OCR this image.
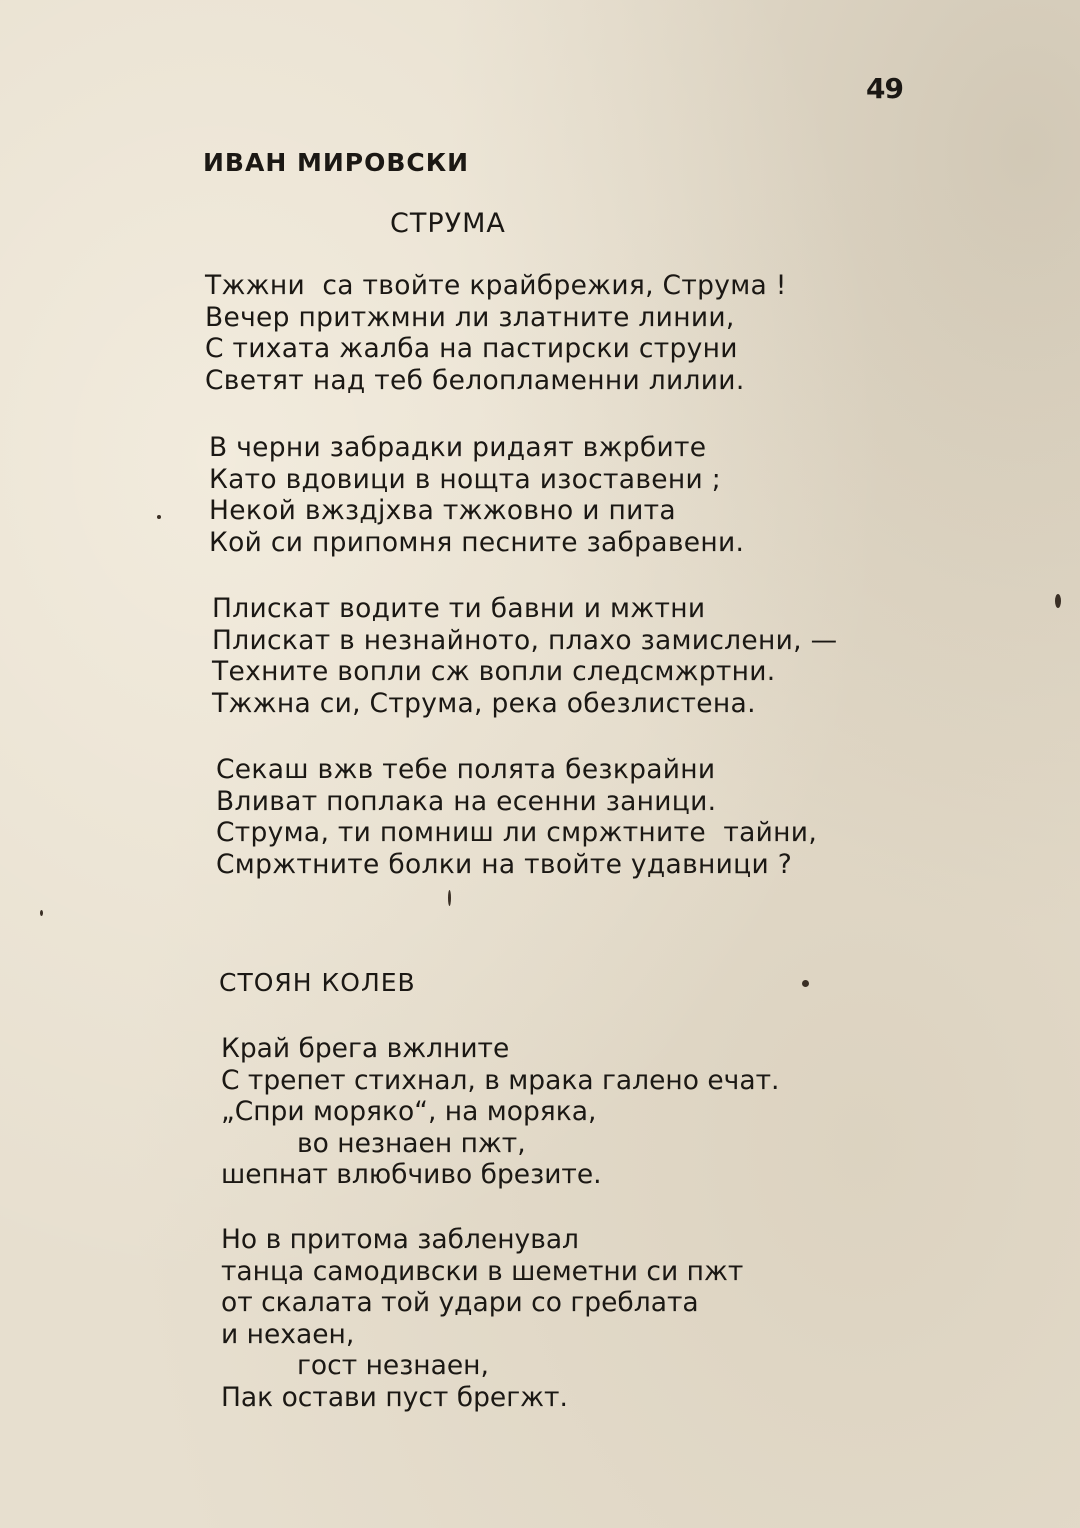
49
ИВАН МИРОВСКИ
СТРУМА
Тжжни  са твойте крайбрежия, Струма !
Вечер притжмни ли златните линии,
С тихата жалба на пастирски струни
Светят над теб белопламенни лилии.
В черни забрадки ридаят вжрбите
Като вдовици в нощта изоставени ;
Некой вжздjхва тжжовно и пита
Кой си припомня песните забравени.
Плискат водите ти бавни и мжтни
Плискат в незнайното, плахо замислени, —
Техните вопли сж вопли следсмжртни.
Тжжна си, Струма, река обезлистена.
Секаш вжв тебе полята безкрайни
Вливат поплака на есенни заници.
Струма, ти помниш ли смржтните  тайни,
Смржтните болки на твойте удавници ?
СТОЯН КОЛЕВ
Край брега вжлните
С трепет стихнал, в мрака галено ечат.
„Спри моряко“, на моряка,
во незнаен пжт,
шепнат влюбчиво брезите.
Но в притома забленувал
танца самодивски в шеметни си пжт
от скалата той удари со греблата
и нехаен,
гост незнаен,
Пак остави пуст брегжт.
